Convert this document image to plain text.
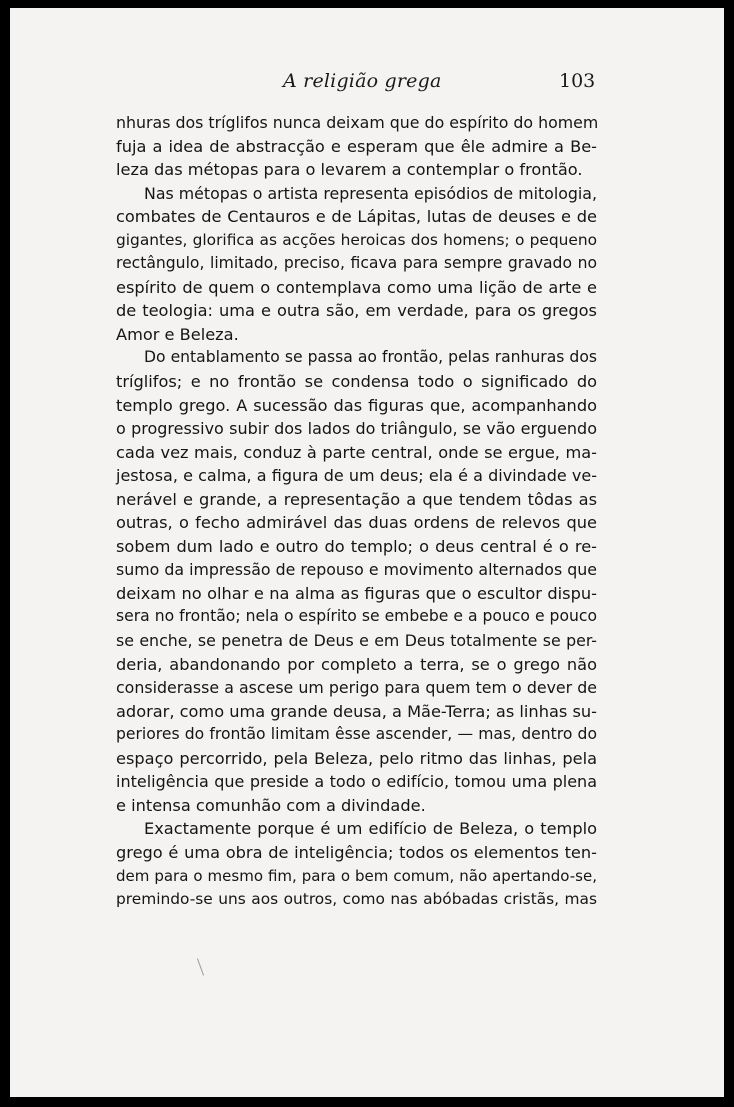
A religião grega	103
nhuras dos tríglifos nunca deixam que do espírito do homem
fuja a idea de abstracção e esperam que êle admire a Be-
leza das métopas para o levarem a contemplar o frontão.
Nas métopas o artista representa episódios de mitologia,
combates de Centauros e de Lápitas, lutas de deuses e de
gigantes, glorifica as acções heroicas dos homens; o pequeno
rectângulo, limitado, preciso, ficava para sempre gravado no
espírito de quem o contemplava como uma lição de arte e
de teologia: uma e outra são, em verdade, para os gregos
Amor e Beleza.
Do entablamento se passa ao frontão, pelas ranhuras dos
tríglifos; e no frontão se condensa todo o significado do
templo grego. A sucessão das figuras que, acompanhando
o progressivo subir dos lados do triângulo, se vão erguendo
cada vez mais, conduz à parte central, onde se ergue, ma-
jestosa, e calma, a figura de um deus; ela é a divindade ve-
nerável e grande, a representação a que tendem tôdas as
outras, o fecho admirável das duas ordens de relevos que
sobem dum lado e outro do templo; o deus central é o re-
sumo da impressão de repouso e movimento alternados que
deixam no olhar e na alma as figuras que o escultor dispu-
sera no frontão; nela o espírito se embebe e a pouco e pouco
se enche, se penetra de Deus e em Deus totalmente se per-
deria, abandonando por completo a terra, se o grego não
considerasse a ascese um perigo para quem tem o dever de
adorar, como uma grande deusa, a Mãe-Terra; as linhas su-
periores do frontão limitam êsse ascender, — mas, dentro do
espaço percorrido, pela Beleza, pelo ritmo das linhas, pela
inteligência que preside a todo o edifício, tomou uma plena
e intensa comunhão com a divindade.
Exactamente porque é um edifício de Beleza, o templo
grego é uma obra de inteligência; todos os elementos ten-
dem para o mesmo fim, para o bem comum, não apertando-se,
premindo-se uns aos outros, como nas abóbadas cristãs, mas
